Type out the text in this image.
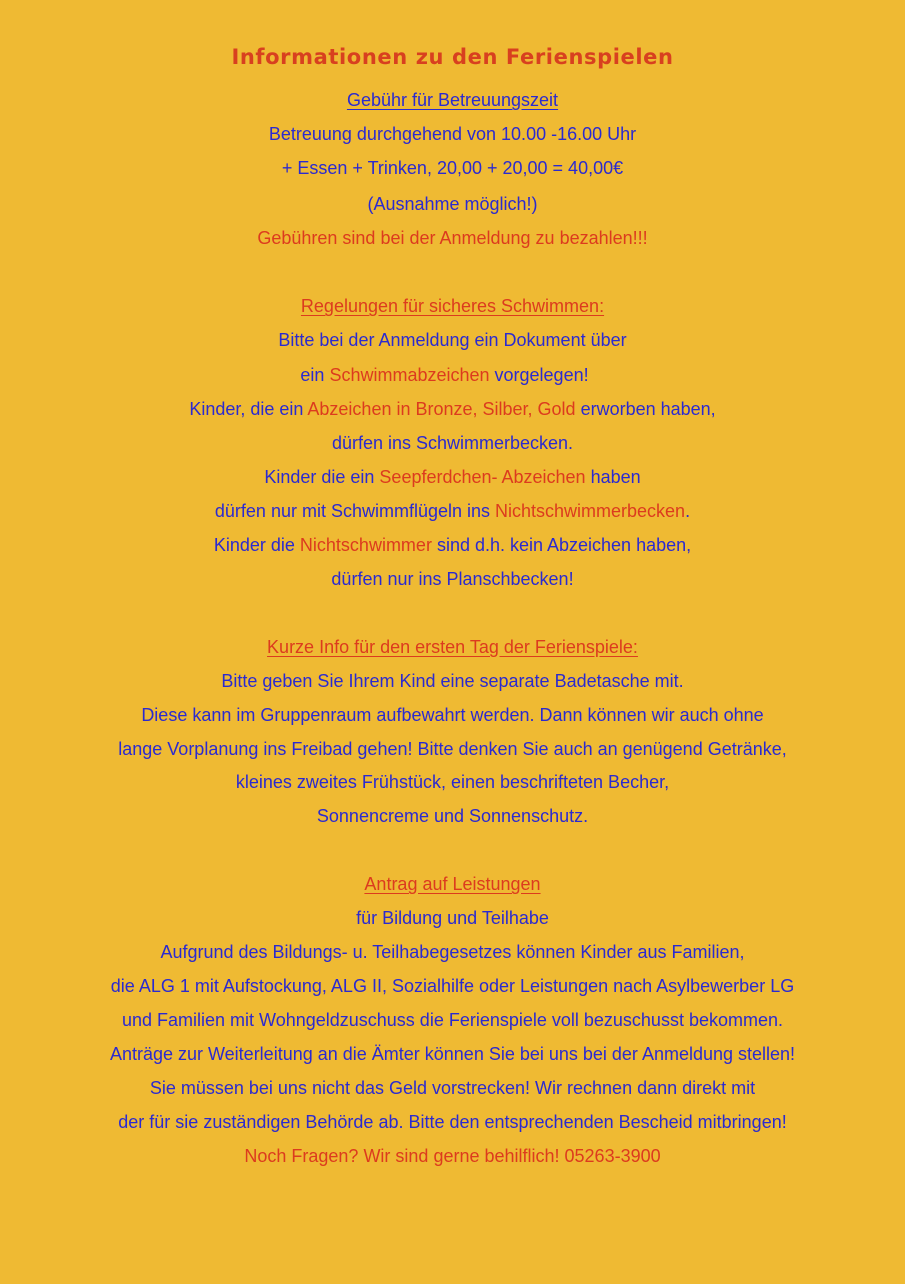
Informationen zu den Ferienspielen
Gebühr für Betreuungszeit
Betreuung durchgehend von 10.00 -16.00 Uhr
+ Essen + Trinken, 20,00 + 20,00 = 40,00€
(Ausnahme möglich!)
Gebühren sind bei der Anmeldung zu bezahlen!!!
Regelungen für sicheres Schwimmen:
Bitte bei der Anmeldung ein Dokument über
ein Schwimmabzeichen vorgelegen!
Kinder, die ein Abzeichen in Bronze, Silber, Gold erworben haben,
dürfen ins Schwimmerbecken.
Kinder die ein Seepferdchen- Abzeichen haben
dürfen nur mit Schwimmflügeln ins Nichtschwimmerbecken.
Kinder die Nichtschwimmer sind d.h. kein Abzeichen haben,
dürfen nur ins Planschbecken!
Kurze Info für den ersten Tag der Ferienspiele:
Bitte geben Sie Ihrem Kind eine separate Badetasche mit.
Diese kann im Gruppenraum aufbewahrt werden. Dann können wir auch ohne
lange Vorplanung ins Freibad gehen! Bitte denken Sie auch an genügend Getränke,
kleines zweites Frühstück, einen beschrifteten Becher,
Sonnencreme und Sonnenschutz.
Antrag auf Leistungen
für Bildung und Teilhabe
Aufgrund des Bildungs- u. Teilhabegesetzes können Kinder aus Familien,
die ALG 1 mit Aufstockung, ALG II, Sozialhilfe oder Leistungen nach Asylbewerber LG
und Familien mit Wohngeldzuschuss die Ferienspiele voll bezuschusst bekommen.
Anträge zur Weiterleitung an die Ämter können Sie bei uns bei der Anmeldung stellen!
Sie müssen bei uns nicht das Geld vorstrecken! Wir rechnen dann direkt mit
der für sie zuständigen Behörde ab. Bitte den entsprechenden Bescheid mitbringen!
Noch Fragen? Wir sind gerne behilflich! 05263-3900
